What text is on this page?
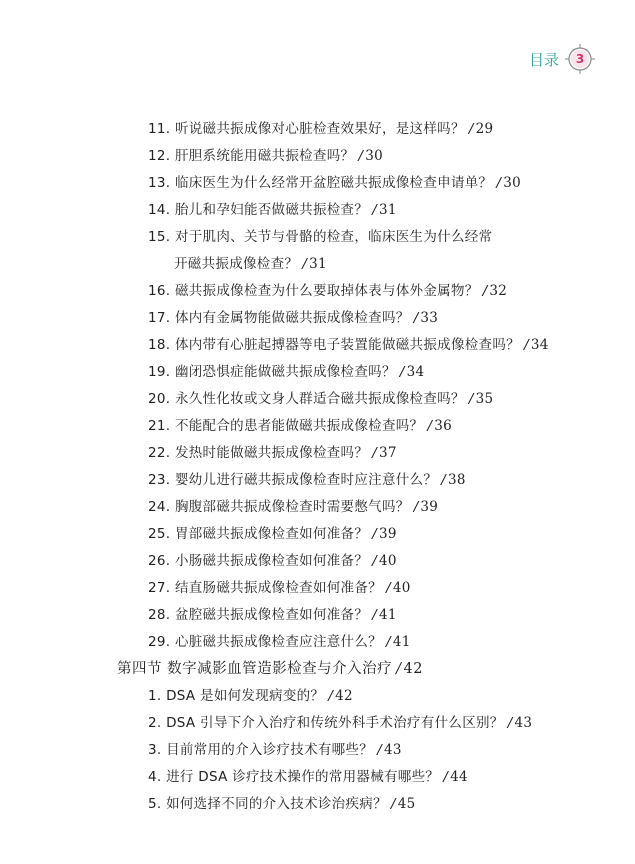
目录 3
11. 听说磁共振成像对心脏检查效果好，是这样吗？ / 29
12. 肝胆系统能用磁共振检查吗？ / 30
13. 临床医生为什么经常开盆腔磁共振成像检查申请单？ / 30
14. 胎儿和孕妇能否做磁共振检查？ / 31
15. 对于肌肉、关节与骨骼的检查，临床医生为什么经常
开磁共振成像检查？ / 31
16. 磁共振成像检查为什么要取掉体表与体外金属物？ / 32
17. 体内有金属物能做磁共振成像检查吗？ / 33
18. 体内带有心脏起搏器等电子装置能做磁共振成像检查吗？ / 34
19. 幽闭恐惧症能做磁共振成像检查吗？ / 34
20. 永久性化妆或文身人群适合磁共振成像检查吗？ / 35
21. 不能配合的患者能做磁共振成像检查吗？ / 36
22. 发热时能做磁共振成像检查吗？ / 37
23. 婴幼儿进行磁共振成像检查时应注意什么？ / 38
24. 胸腹部磁共振成像检查时需要憋气吗？ / 39
25. 胃部磁共振成像检查如何准备？ / 39
26. 小肠磁共振成像检查如何准备？ / 40
27. 结直肠磁共振成像检查如何准备？ / 40
28. 盆腔磁共振成像检查如何准备？ / 41
29. 心脏磁共振成像检查应注意什么？ / 41
第四节 数字减影血管造影检查与介入治疗 / 42
1. DSA 是如何发现病变的？ / 42
2. DSA 引导下介入治疗和传统外科手术治疗有什么区别？ / 43
3. 目前常用的介入诊疗技术有哪些？ / 43
4. 进行 DSA 诊疗技术操作的常用器械有哪些？ / 44
5. 如何选择不同的介入技术诊治疾病？ / 45
